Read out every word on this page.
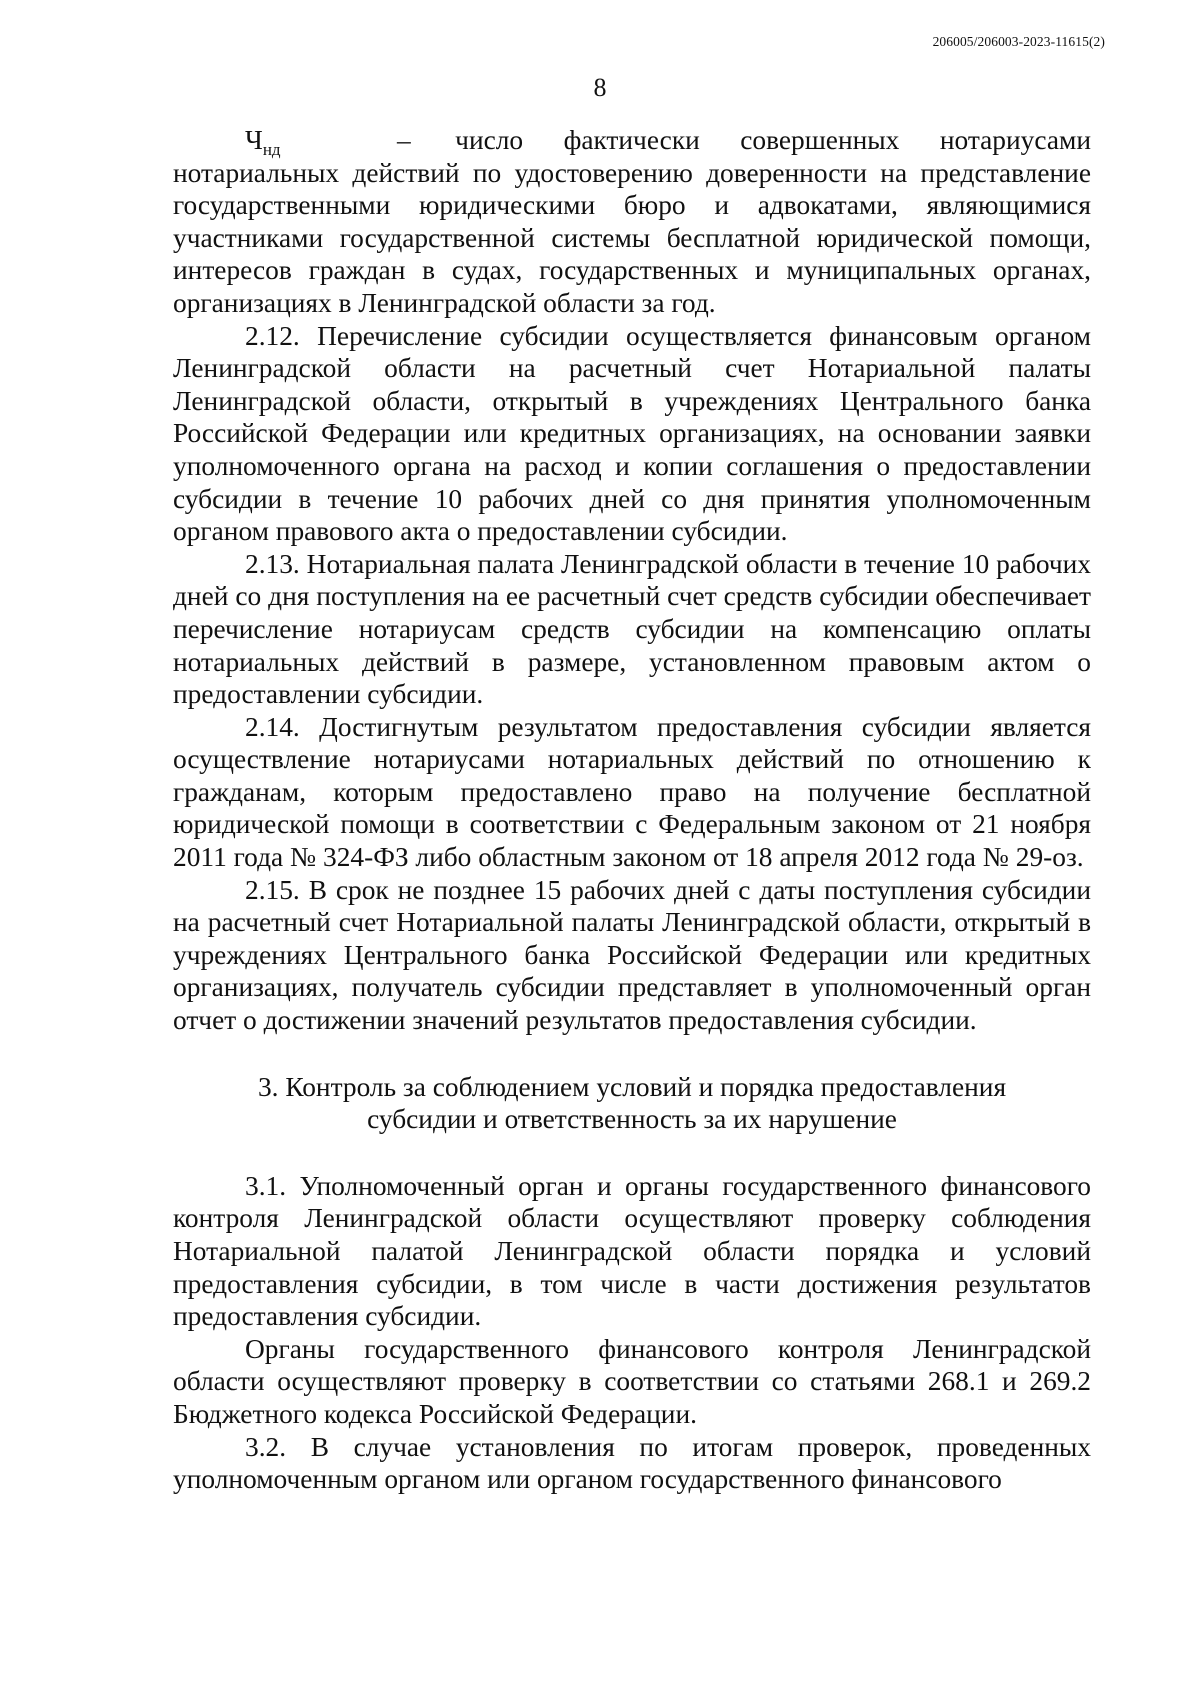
206005/206003-2023-11615(2)
8

$Ч_{нд}$	– число фактически совершенных нотариусами нотариальных действий по удостоверению доверенности на представление государственными юридическими бюро и адвокатами, являющимися участниками государственной системы бесплатной юридической помощи, интересов граждан в судах, государственных и муниципальных органах, организациях в Ленинградской области за год.

2.12. Перечисление субсидии осуществляется финансовым органом Ленинградской области на расчетный счет Нотариальной палаты Ленинградской области, открытый в учреждениях Центрального банка Российской Федерации или кредитных организациях, на основании заявки уполномоченного органа на расход и копии соглашения о предоставлении субсидии в течение 10 рабочих дней со дня принятия уполномоченным органом правового акта о предоставлении субсидии.

2.13. Нотариальная палата Ленинградской области в течение 10 рабочих дней со дня поступления на ее расчетный счет средств субсидии обеспечивает перечисление нотариусам средств субсидии на компенсацию оплаты нотариальных действий в размере, установленном правовым актом о предоставлении субсидии.

2.14. Достигнутым результатом предоставления субсидии является осуществление нотариусами нотариальных действий по отношению к гражданам, которым предоставлено право на получение бесплатной юридической помощи в соответствии с Федеральным законом от 21 ноября 2011 года № 324-ФЗ либо областным законом от 18 апреля 2012 года № 29-оз.

2.15. В срок не позднее 15 рабочих дней с даты поступления субсидии на расчетный счет Нотариальной палаты Ленинградской области, открытый в учреждениях Центрального банка Российской Федерации или кредитных организациях, получатель субсидии представляет в уполномоченный орган отчет о достижении значений результатов предоставления субсидии.

3. Контроль за соблюдением условий и порядка предоставления
субсидии и ответственность за их нарушение

3.1. Уполномоченный орган и органы государственного финансового контроля Ленинградской области осуществляют проверку соблюдения Нотариальной палатой Ленинградской области порядка и условий предоставления субсидии, в том числе в части достижения результатов предоставления субсидии.

Органы государственного финансового контроля Ленинградской области осуществляют проверку в соответствии со статьями 268.1 и 269.2 Бюджетного кодекса Российской Федерации.

3.2. В случае установления по итогам проверок, проведенных уполномоченным органом или органом государственного финансового
